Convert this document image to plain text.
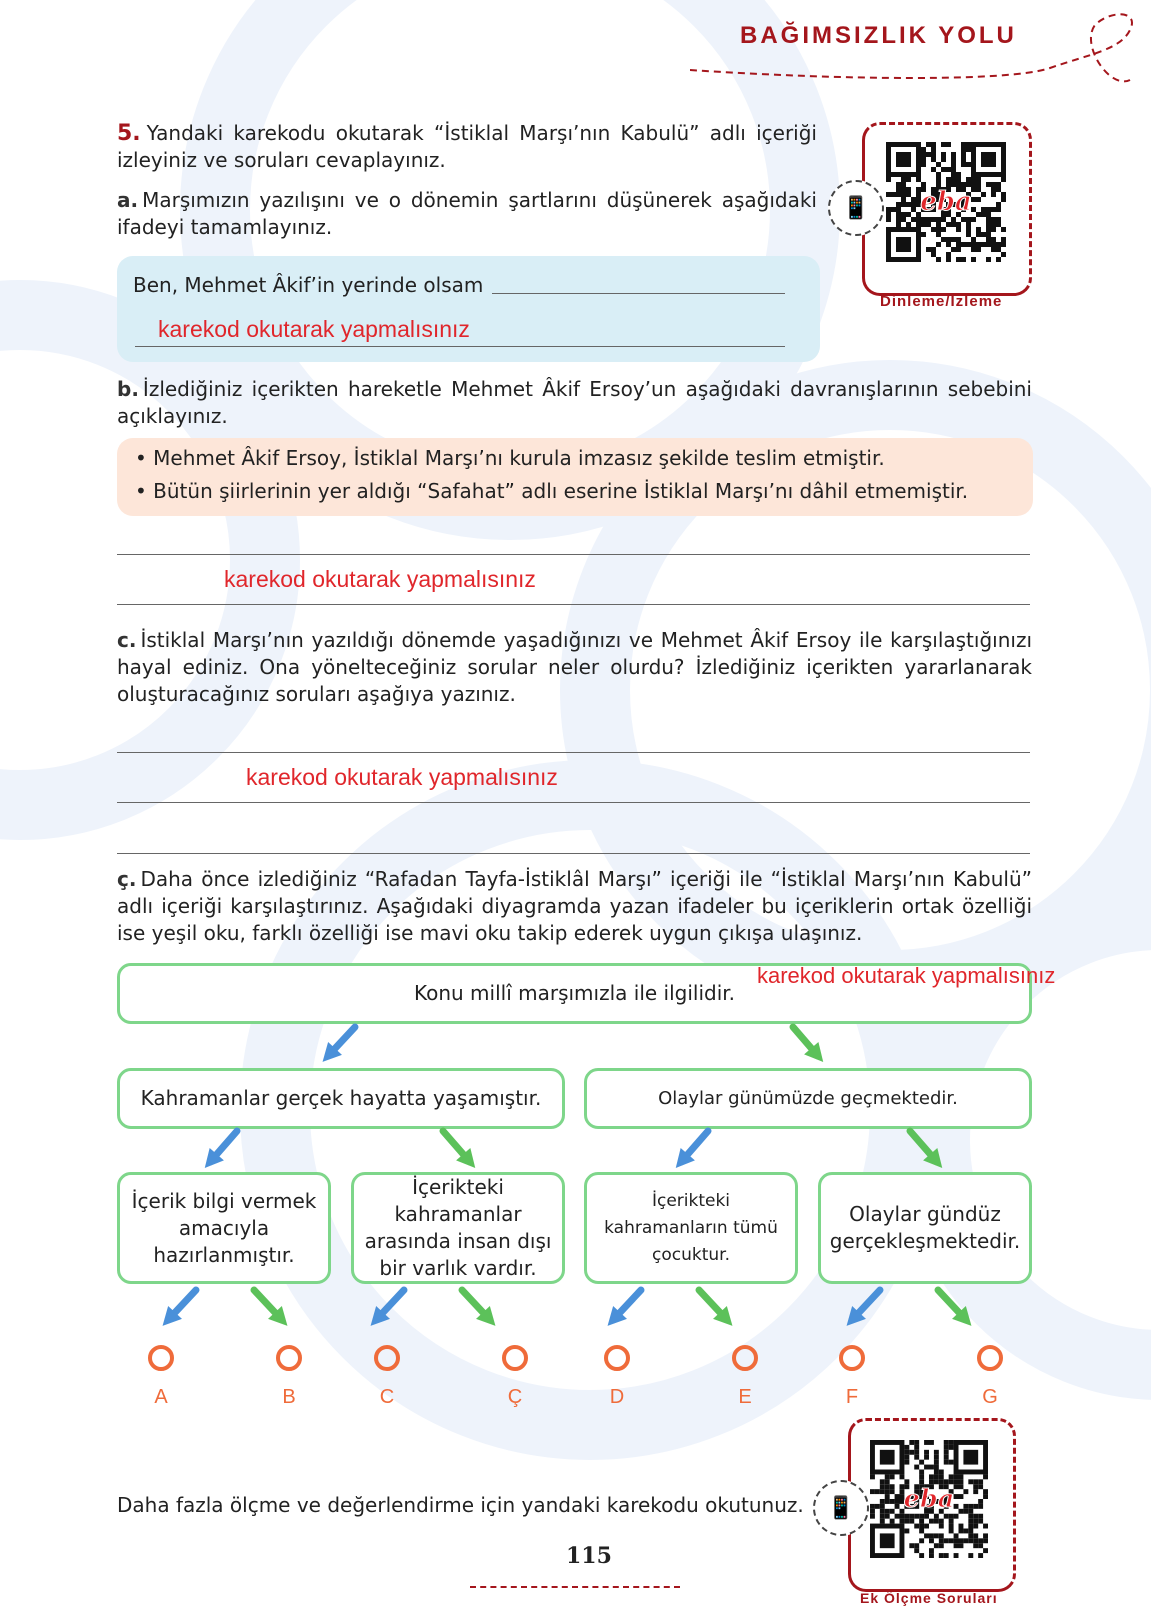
BAĞIMSIZLIK YOLU
5. Yandaki karekodu okutarak “İstiklal Marşı’nın Kabulü” adlı içeriği izleyiniz ve soruları cevaplayınız.
a. Marşımızın yazılışını ve o dönemin şartlarını düşünerek aşağıdaki ifadeyi tamamlayınız.
Ben, Mehmet Âkif’in yerinde olsam
karekod okutarak yapmalısınız
📱	eba
Dinleme/İzleme
b. İzlediğiniz içerikten hareketle Mehmet Âkif Ersoy’un aşağıdaki davranışlarının sebebini açıklayınız.
• Mehmet Âkif Ersoy, İstiklal Marşı’nı kurula imzasız şekilde teslim etmiştir.
• Bütün şiirlerinin yer aldığı “Safahat” adlı eserine İstiklal Marşı’nı dâhil etmemiştir.
karekod okutarak yapmalısınız
c. İstiklal Marşı’nın yazıldığı dönemde yaşadığınızı ve Mehmet Âkif Ersoy ile karşılaştığınızı hayal ediniz. Ona yönelteceğiniz sorular neler olurdu? İzlediğiniz içerikten yararlanarak oluşturacağınız soruları aşağıya yazınız.
karekod okutarak yapmalısınız
ç. Daha önce izlediğiniz “Rafadan Tayfa-İstiklâl Marşı” içeriği ile “İstiklal Marşı’nın Kabulü” adlı içeriği karşılaştırınız. Aşağıdaki diyagramda yazan ifadeler bu içeriklerin ortak özelliği ise yeşil oku, farklı özelliği ise mavi oku takip ederek uygun çıkışa ulaşınız.
Konu millî marşımızla ile ilgilidir.
karekod okutarak yapmalısınız
Kahramanlar gerçek hayatta yaşamıştır.	Olaylar günümüzde geçmektedir.
İçerik bilgi vermek amacıyla hazırlanmıştır.
İçerikteki kahramanlar arasında insan dışı bir varlık vardır.
İçerikteki kahramanların tümü çocuktur.
Olaylar gündüz gerçekleşmektedir.
A	B	C	Ç	D	E	F	G
Daha fazla ölçme ve değerlendirme için yandaki karekodu okutunuz.
115
📱	eba
Ek Ölçme Soruları
